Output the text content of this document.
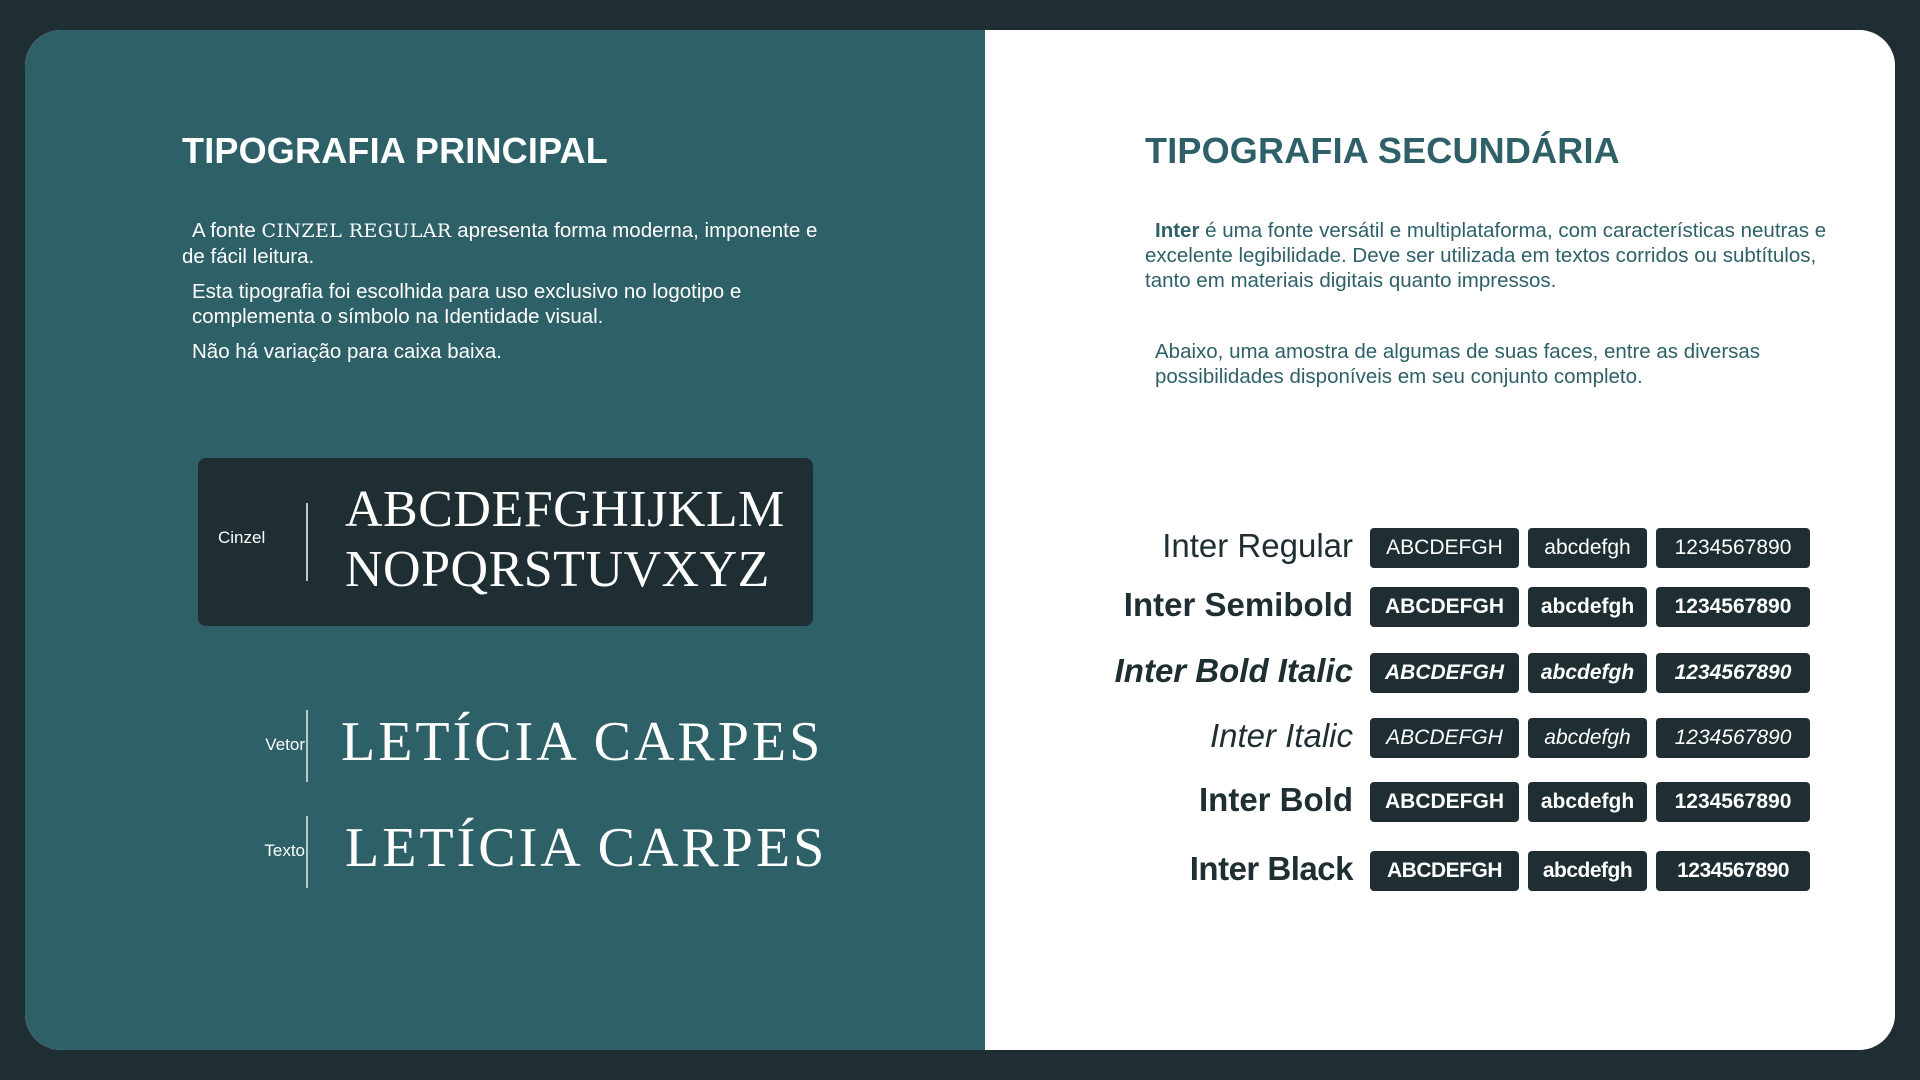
TIPOGRAFIA PRINCIPAL

A fonte CINZEL REGULAR apresenta forma moderna, imponente e de fácil leitura.

Esta tipografia foi escolhida para uso exclusivo no logotipo e complementa o símbolo na Identidade visual.

Não há variação para caixa baixa.

Cinzel ABCDEFGHIJKLM
NOPQRSTUVXYZ
Vetor LETÍCIA CARPES
Texto LETÍCIA CARPES
TIPOGRAFIA SECUNDÁRIA

Inter é uma fonte versátil e multiplataforma, com características neutras e excelente legibilidade. Deve ser utilizada em textos corridos ou subtítulos, tanto em materiais digitais quanto impressos.

Abaixo, uma amostra de algumas de suas faces, entre as diversas possibilidades disponíveis em seu conjunto completo.

Inter Regular	ABCDEFGH	abcdefgh	1234567890
Inter Semibold	ABCDEFGH	abcdefgh	1234567890
Inter Bold Italic	ABCDEFGH	abcdefgh	1234567890
Inter Italic	ABCDEFGH	abcdefgh	1234567890
Inter Bold	ABCDEFGH	abcdefgh	1234567890
Inter Black	ABCDEFGH	abcdefgh	1234567890
